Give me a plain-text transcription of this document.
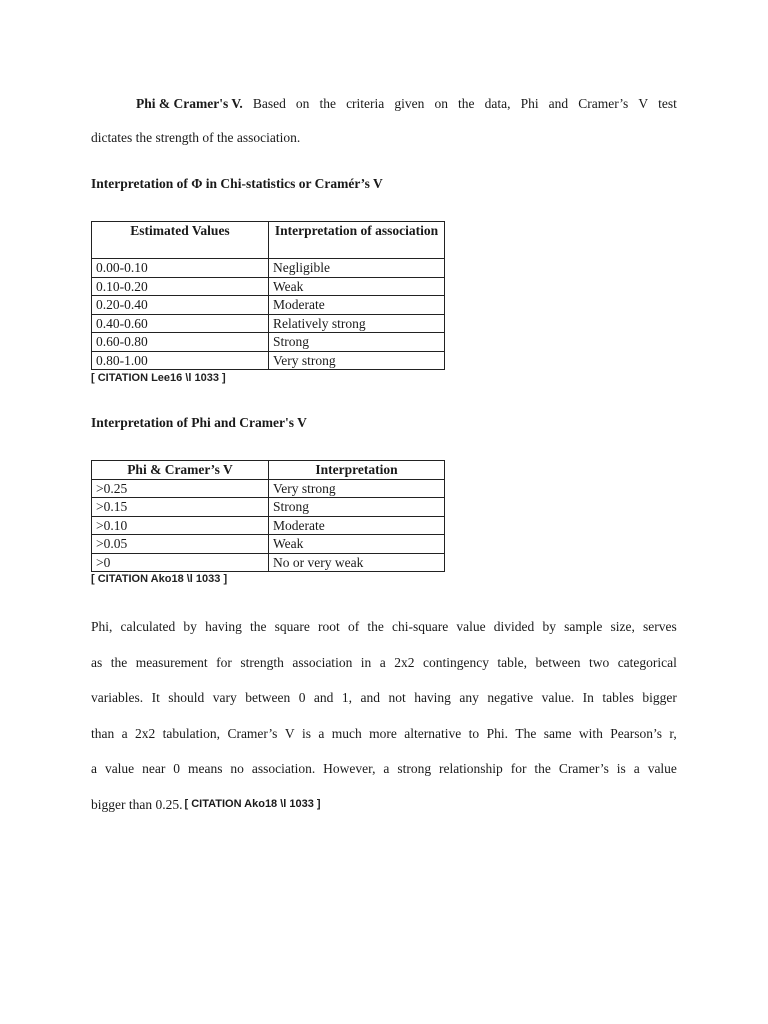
Phi & Cramer's V. Based on the criteria given on the data, Phi and Cramer’s V test
dictates the strength of the association.
Interpretation of Φ in Chi-statistics or Cramér’s V
Estimated Values	Interpretation of association
0.00-0.10	Negligible
0.10-0.20	Weak
0.20-0.40	Moderate
0.40-0.60	Relatively strong
0.60-0.80	Strong
0.80-1.00	Very strong
[ CITATION Lee16 \l 1033 ]
Interpretation of Phi and Cramer's V
Phi & Cramer’s V	Interpretation
>0.25	Very strong
>0.15	Strong
>0.10	Moderate
>0.05	Weak
>0	No or very weak
[ CITATION Ako18 \l 1033 ]
Phi, calculated by having the square root of the chi-square value divided by sample size, serves
as the measurement for strength association in a 2x2 contingency table, between two categorical
variables. It should vary between 0 and 1, and not having any negative value. In tables bigger
than a 2x2 tabulation, Cramer’s V is a much more alternative to Phi. The same with Pearson’s r,
a value near 0 means no association. However, a strong relationship for the Cramer’s is a value
bigger than 0.25. [ CITATION Ako18 \l 1033 ]
